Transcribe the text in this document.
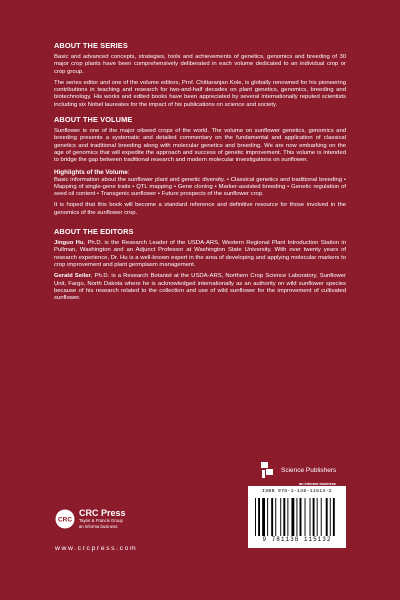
ABOUT THE SERIES
Basic and advanced concepts, strategies, tools and achievements of genetics, genomics and breeding of 30 major crop plants have been comprehensively deliberated in each volume dedicated to an individual crop or crop group.
The series editor and one of the volume editors, Prof. Chittaranjan Kole, is globally renowned for his pioneering contributions in teaching and research for two-and-half decades on plant genetics, genomics, breeding and biotechnology. His works and edited books have been appreciated by several internationally reputed scientists including six Nobel laureates for the impact of his publications on science and society.
ABOUT THE VOLUME
Sunflower is one of the major oilseed crops of the world. The volume on sunflower genetics, genomics and breeding presents a systematic and detailed commentary on the fundamental and application of classical genetics and traditional breeding along with molecular genetics and breeding. We are now embarking on the age of genomics that will expedite the approach and success of genetic improvement. This volume is intended to bridge the gap between traditional research and modern molecular investigations on sunflower.
Highlights of the Volume:
Basic information about the sunflower plant and genetic diversity. • Classical genetics and traditional breeding • Mapping of single-gene traits • QTL mapping • Gene cloning • Marker-assisted breeding • Genetic regulation of seed oil content • Transgenic sunflower • Future prospects of the sunflower crop.
It is hoped that this book will become a standard reference and definitive resource for those involved in the genomics of the sunflower crop.
ABOUT THE EDITORS
Jinguo Hu, Ph.D. is the Research Leader of the USDA-ARS, Western Regional Plant Introduction Station in Pullman, Washington and an Adjunct Professor at Washington State University. With over twenty years of research experience, Dr. Hu is a well-known expert in the area of developing and applying molecular markers to crop improvement and plant germplasm management.
Gerald Seiler, Ph.D. is a Research Botanist at the USDA-ARS, Northern Crop Science Laboratory, Sunflower Unit, Fargo, North Dakota where he is acknowledged internationally as an authority on wild sunflower species because of his research related to the collection and use of wild sunflower for the improvement of cultivated sunflower.
Science Publishers
an informa business
ISBN 978-1-138-11513-2
9 781138 115132
CRC
CRC Press
Taylor & Francis Group
an informa business
www.crcpress.com
